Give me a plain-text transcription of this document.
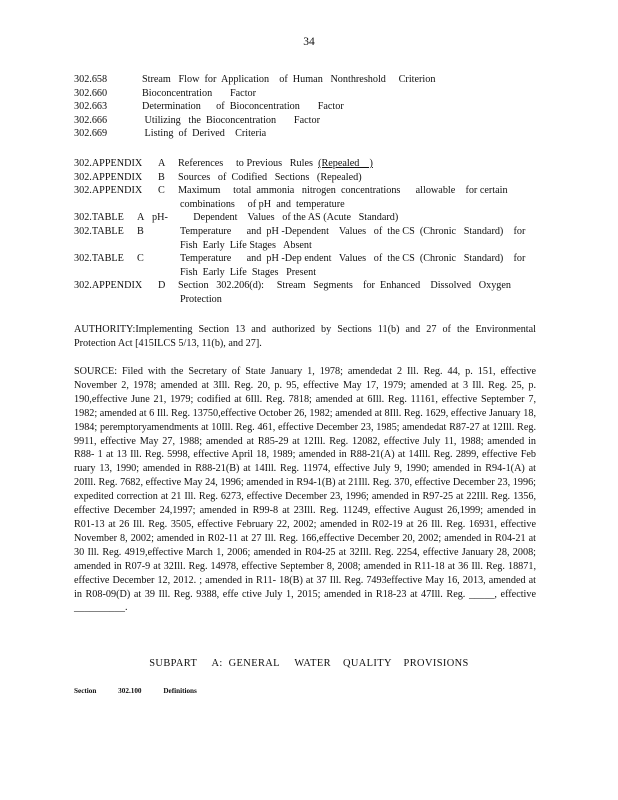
34
302.658	Stream   Flow  for  Application    of  Human   Nonthreshold     Criterion
302.660	Bioconcentration       Factor
302.663	Determination      of  Bioconcentration       Factor
302.666	Utilizing   the  Bioconcentration       Factor
302.669	Listing  of  Derived    Criteria
302.APPENDIX	A	References     to Previous   Rules  (Repealed    )
302.APPENDIX	B	Sources   of  Codified   Sections   (Repealed)
302.APPENDIX	C	Maximum     total  ammonia   nitrogen  concentrations      allowable    for certain
combinations     of pH  and  temperature
302.TABLE	A pH-          Dependent    Values   of the AS (Acute   Standard)
302.TABLE	B	Temperature      and  pH -Dependent    Values   of  the CS  (Chronic   Standard)    for
Fish  Early  Life Stages   Absent
302.TABLE	C	Temperature      and  pH -Dep endent   Values   of  the CS  (Chronic   Standard)    for
Fish  Early  Life  Stages   Present
302.APPENDIX	D	Section   302.206(d):     Stream   Segments    for  Enhanced    Dissolved   Oxygen
Protection
AUTHORITY:Implementing Section 13 and authorized by Sections 11(b) and 27 of the Environmental Protection Act [415ILCS 5/13, 11(b), and 27].
SOURCE: Filed with the Secretary of State January 1, 1978; amendedat 2 Ill. Reg. 44, p. 151, effective November 2, 1978; amended at 3Ill. Reg. 20, p. 95, effective May 17, 1979; amended at 3 Ill. Reg. 25, p. 190,effective June 21, 1979; codified at 6Ill. Reg. 7818; amended at 6Ill. Reg. 11161, effective September 7, 1982; amended at 6 Ill. Reg. 13750,effective October 26, 1982; amended at 8Ill. Reg. 1629, effective January 18, 1984; peremptoryamendments at 10Ill. Reg. 461, effective December 23, 1985; amendedat R87-27 at 12Ill. Reg. 9911, effective May 27, 1988; amended at R85-29 at 12Ill. Reg. 12082, effective July 11, 1988; amended in R88- 1 at 13 Ill. Reg. 5998, effective April 18, 1989; amended in R88-21(A) at 14Ill. Reg. 2899, effective Feb ruary 13, 1990; amended in R88-21(B) at 14Ill. Reg. 11974, effective July 9, 1990; amended in R94-1(A) at 20Ill. Reg. 7682, effective May 24, 1996; amended in R94-1(B) at 21Ill. Reg. 370, effective December 23, 1996; expedited correction at 21 Ill. Reg. 6273, effective December 23, 1996; amended in R97-25 at 22Ill. Reg. 1356, effective December 24,1997; amended in R99-8 at 23Ill. Reg. 11249, effective August 26,1999; amended in R01-13 at 26 Ill. Reg. 3505, effective February 22, 2002; amended in R02-19 at 26 Ill. Reg. 16931, effective November 8, 2002; amended in R02-11 at 27 Ill. Reg. 166,effective December 20, 2002; amended in R04-21 at 30 Ill. Reg. 4919,effective March 1, 2006; amended in R04-25 at 32Ill. Reg. 2254, effective January 28, 2008; amended in R07-9 at 32Ill. Reg. 14978, effective September 8, 2008; amended in R11-18 at 36 Ill. Reg. 18871, effective December 12, 2012. ; amended in R11- 18(B) at 37 Ill. Reg. 7493effective May 16, 2013, amended at in R08-09(D) at 39 Ill. Reg. 9388, effe ctive July 1, 2015; amended in R18-23 at 47Ill. Reg. _____, effective __________.
SUBPART     A:  GENERAL     WATER    QUALITY    PROVISIONS
Section	302.100	Definitions
